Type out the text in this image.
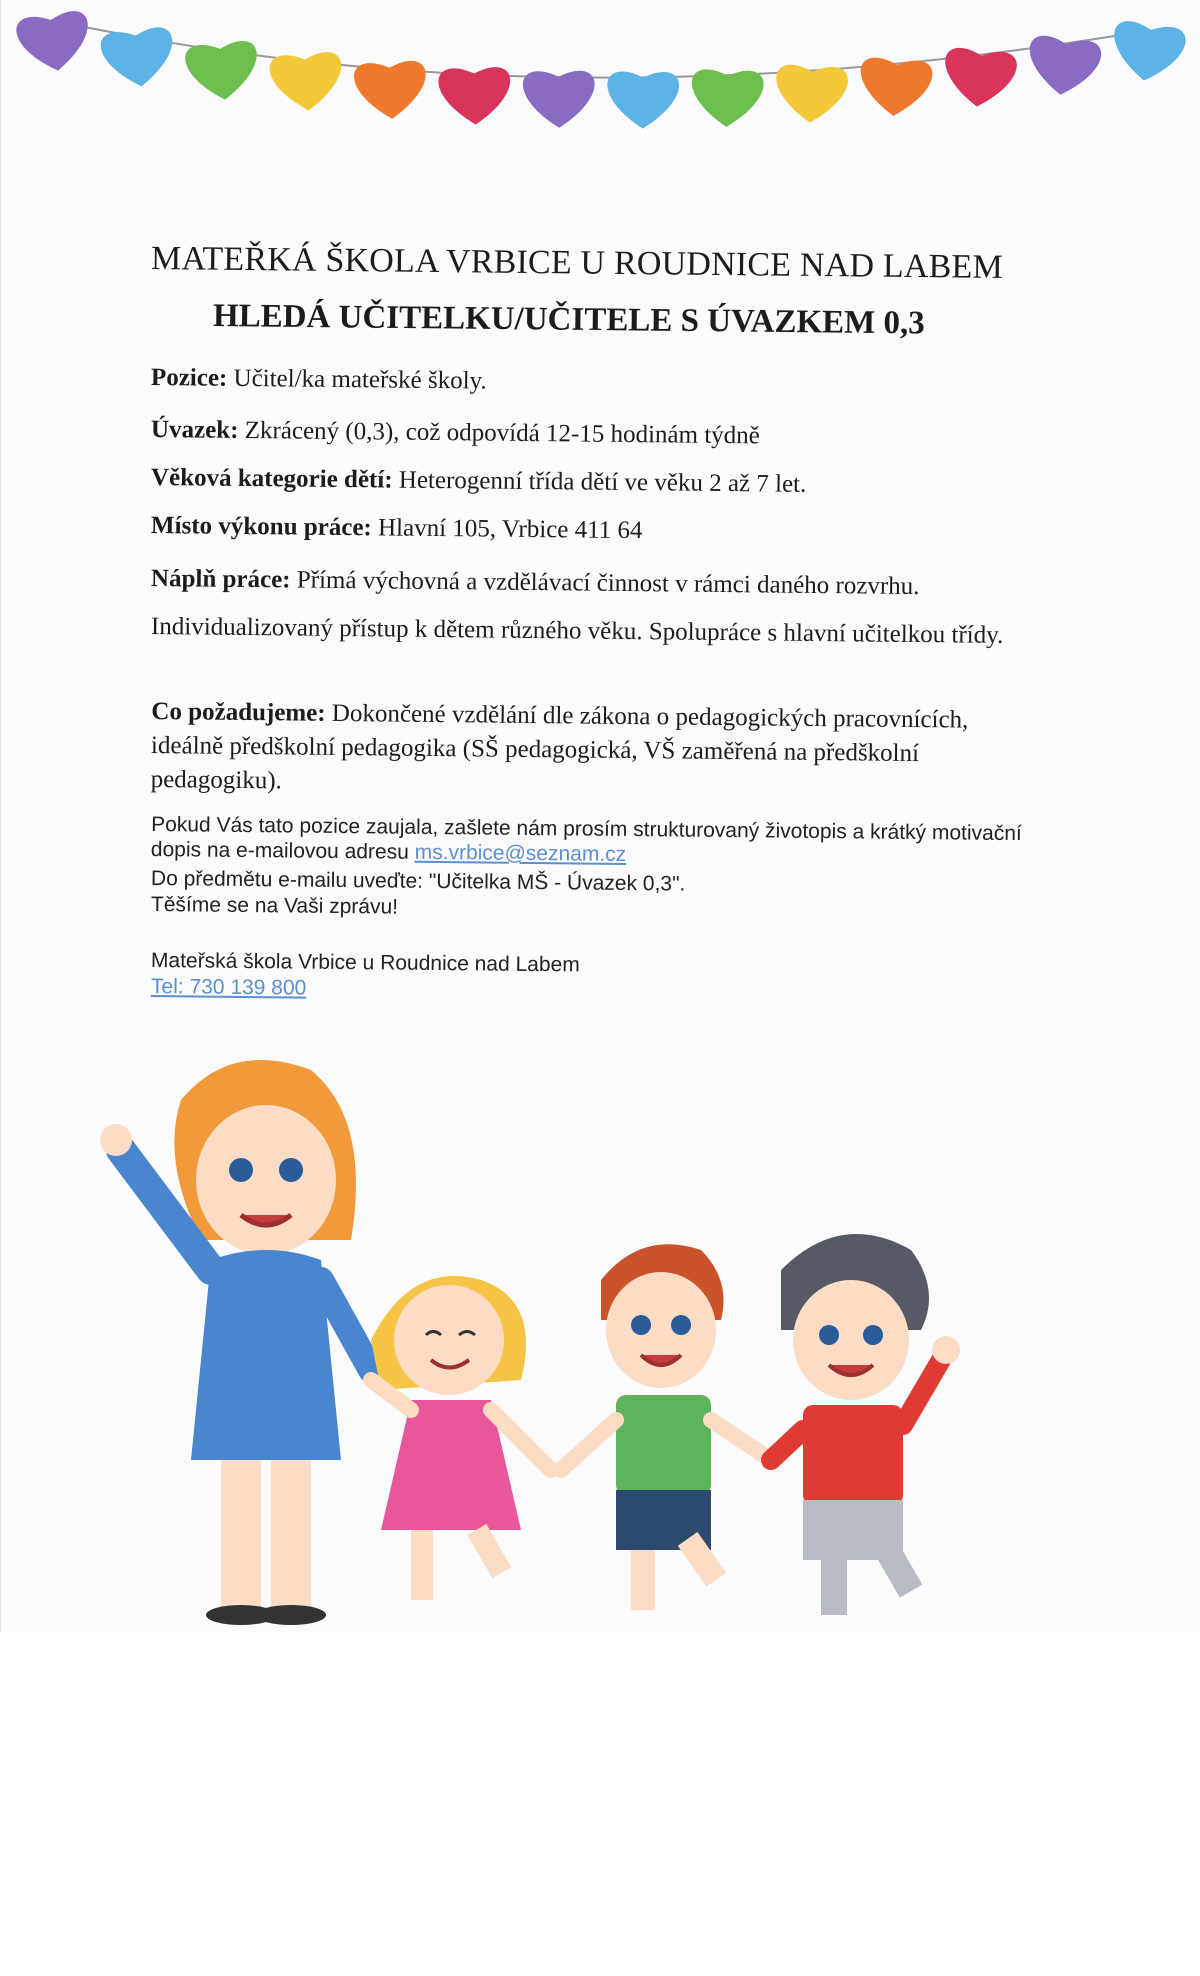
MATEŘKÁ ŠKOLA VRBICE U ROUDNICE NAD LABEM
HLEDÁ UČITELKU/UČITELE S ÚVAZKEM 0,3
Pozice: Učitel/ka mateřské školy.
Úvazek: Zkrácený (0,3), což odpovídá 12-15 hodinám týdně
Věková kategorie dětí: Heterogenní třída dětí ve věku 2 až 7 let.
Místo výkonu práce: Hlavní 105, Vrbice 411 64
Náplň práce: Přímá výchovná a vzdělávací činnost v rámci daného rozvrhu.
Individualizovaný přístup k dětem různého věku. Spolupráce s hlavní učitelkou třídy.
Co požadujeme: Dokončené vzdělání dle zákona o pedagogických pracovnících, ideálně předškolní pedagogika (SŠ pedagogická, VŠ zaměřená na předškolní pedagogiku).
Pokud Vás tato pozice zaujala, zašlete nám prosím strukturovaný životopis a krátký motivační dopis na e-mailovou adresu ms.vrbice@seznam.cz
Do předmětu e-mailu uveďte: "Učitelka MŠ - Úvazek 0,3".
Těšíme se na Vaši zprávu!
Mateřská škola Vrbice u Roudnice nad Labem
Tel: 730 139 800
